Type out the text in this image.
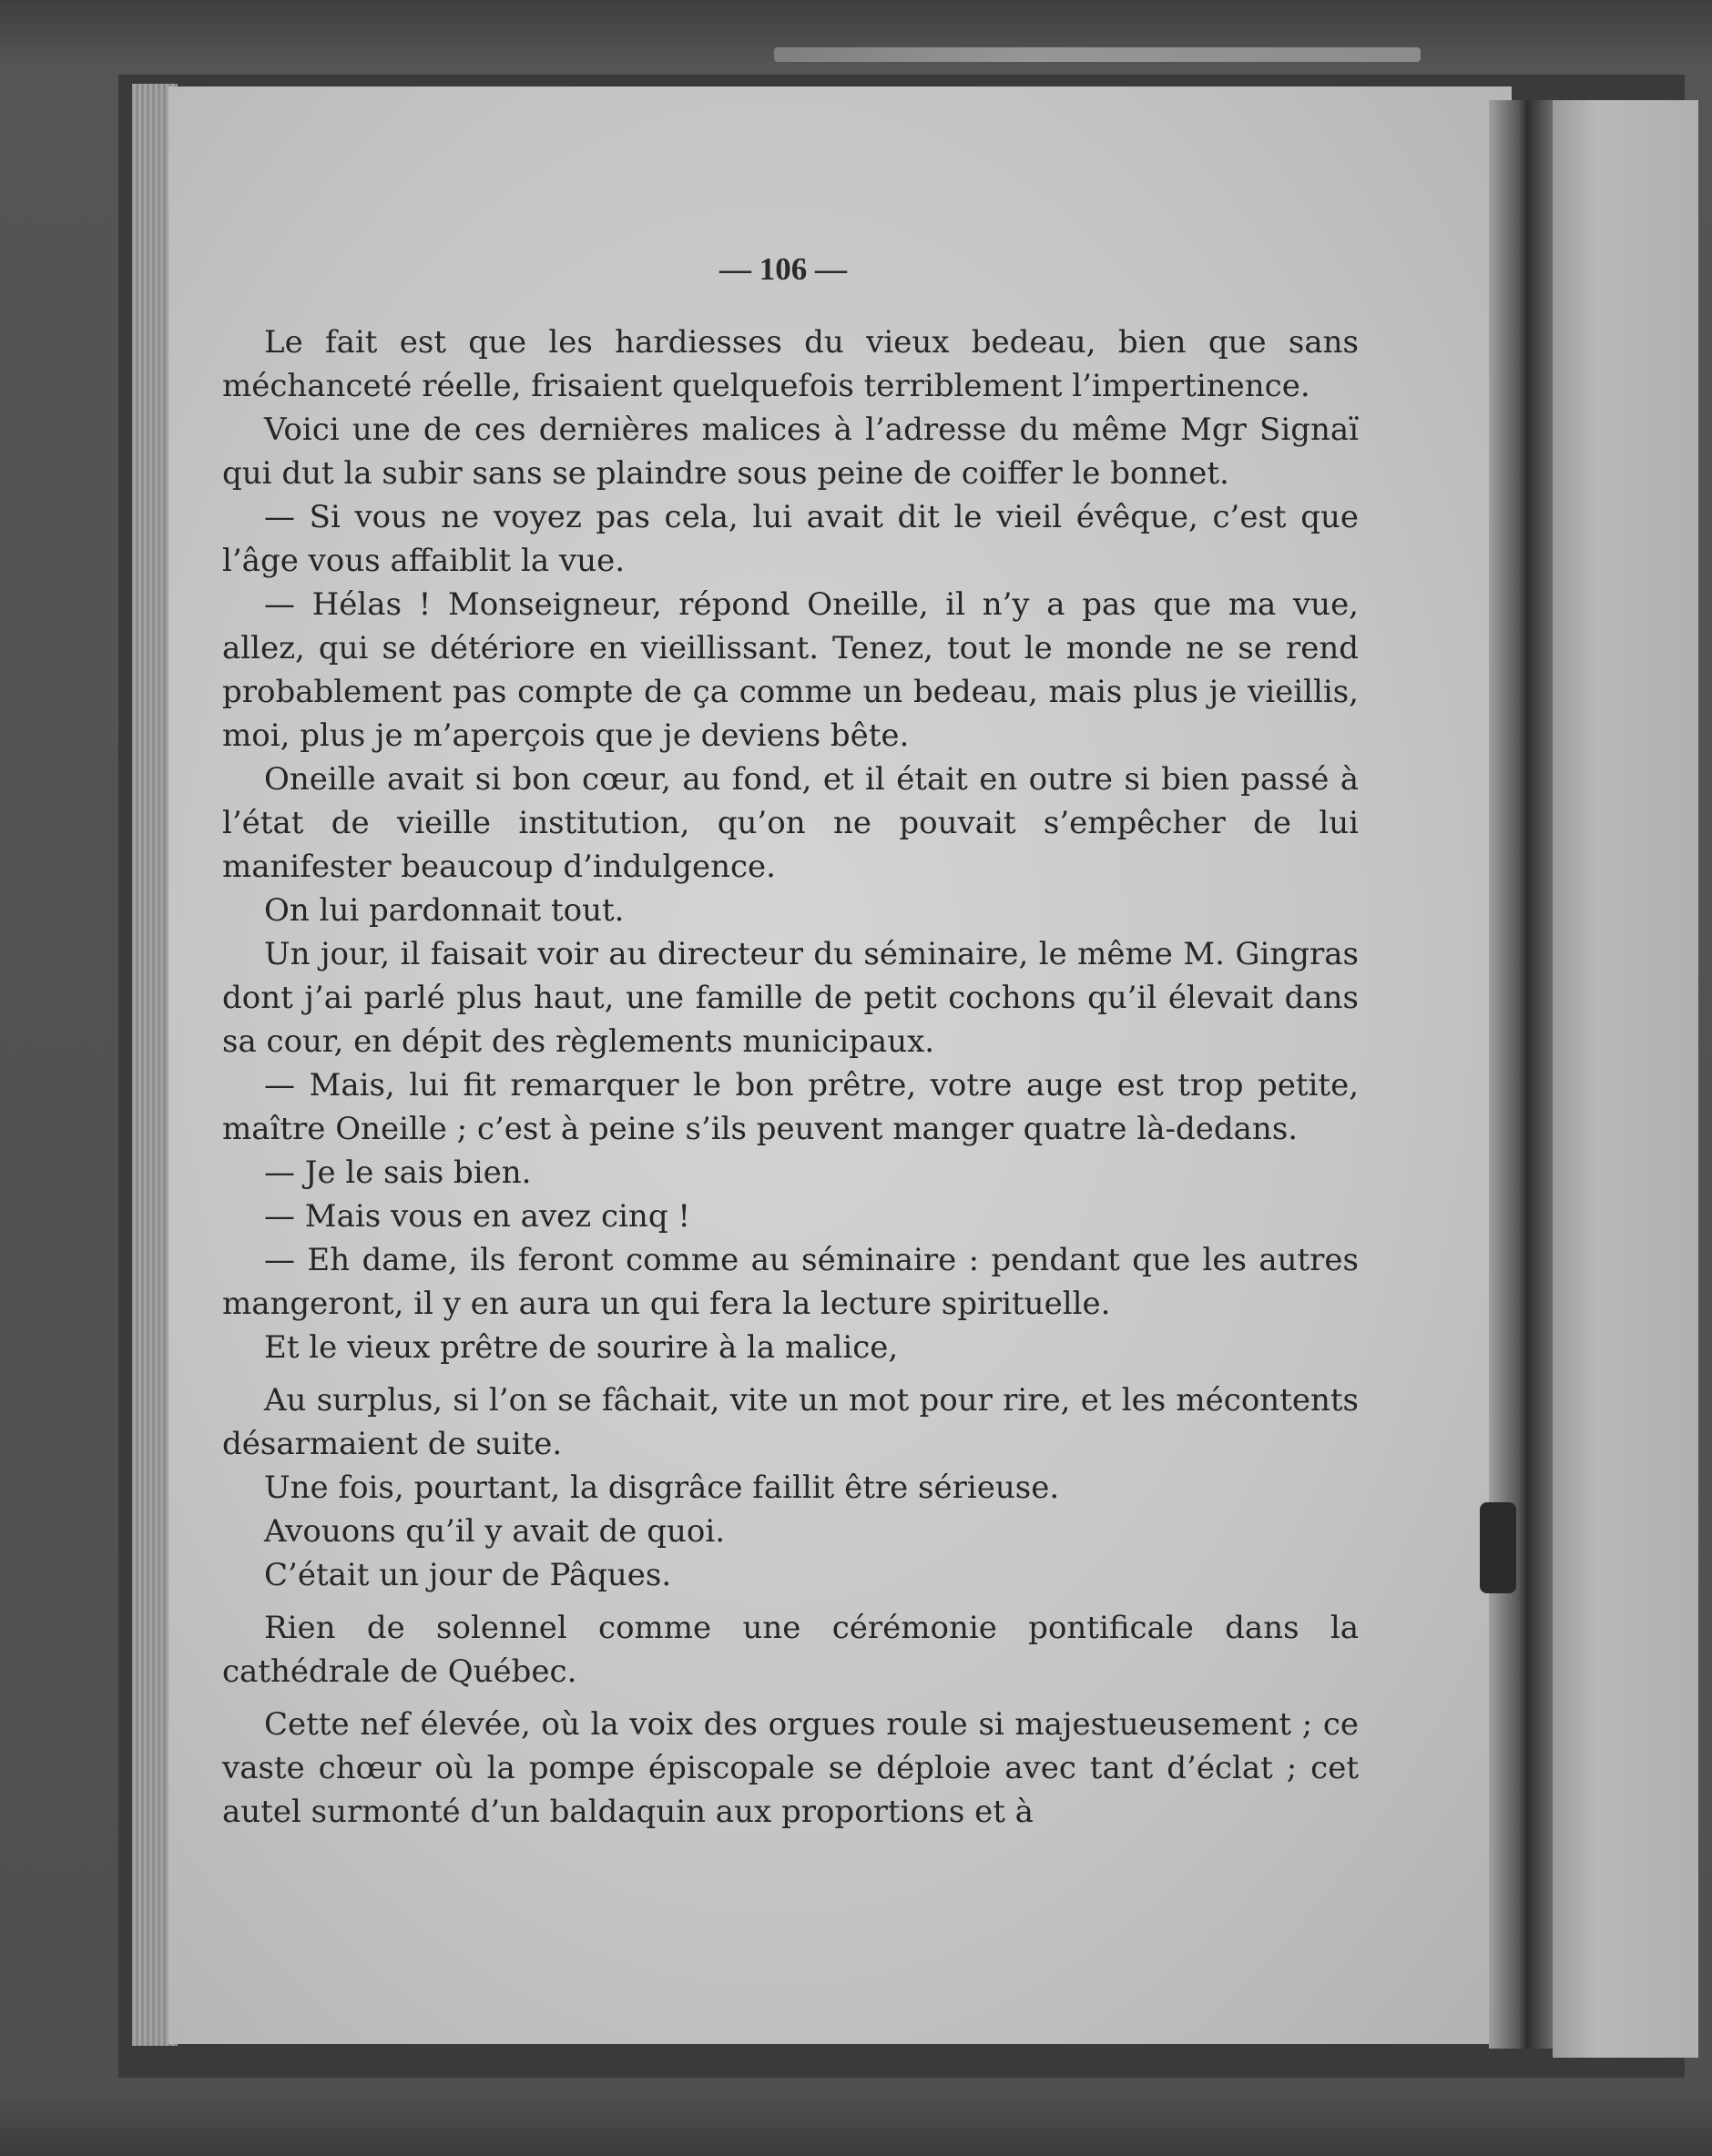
— 106 —

Le fait est que les hardiesses du vieux bedeau, bien que sans méchanceté réelle, frisaient quelquefois terriblement l’impertinence.

Voici une de ces dernières malices à l’adresse du même Mgr Signaï qui dut la subir sans se plaindre sous peine de coiffer le bonnet.

— Si vous ne voyez pas cela, lui avait dit le vieil évêque, c’est que l’âge vous affaiblit la vue.

— Hélas ! Monseigneur, répond Oneille, il n’y a pas que ma vue, allez, qui se détériore en vieillissant. Tenez, tout le monde ne se rend probablement pas compte de ça comme un bedeau, mais plus je vieillis, moi, plus je m’aperçois que je deviens bête.

Oneille avait si bon cœur, au fond, et il était en outre si bien passé à l’état de vieille institution, qu’on ne pouvait s’empêcher de lui manifester beaucoup d’indulgence.

On lui pardonnait tout.

Un jour, il faisait voir au directeur du séminaire, le même M. Gingras dont j’ai parlé plus haut, une famille de petit cochons qu’il élevait dans sa cour, en dépit des règlements municipaux.

— Mais, lui fit remarquer le bon prêtre, votre auge est trop petite, maître Oneille ; c’est à peine s’ils peuvent manger quatre là-dedans.

— Je le sais bien.

— Mais vous en avez cinq !

— Eh dame, ils feront comme au séminaire : pendant que les autres mangeront, il y en aura un qui fera la lecture spirituelle.

Et le vieux prêtre de sourire à la malice,

Au surplus, si l’on se fâchait, vite un mot pour rire, et les mécontents désarmaient de suite.

Une fois, pourtant, la disgrâce faillit être sérieuse.

Avouons qu’il y avait de quoi.

C’était un jour de Pâques.

Rien de solennel comme une cérémonie pontificale dans la cathédrale de Québec.

Cette nef élevée, où la voix des orgues roule si majestueusement ; ce vaste chœur où la pompe épiscopale se déploie avec tant d’éclat ; cet autel surmonté d’un baldaquin aux proportions et à
